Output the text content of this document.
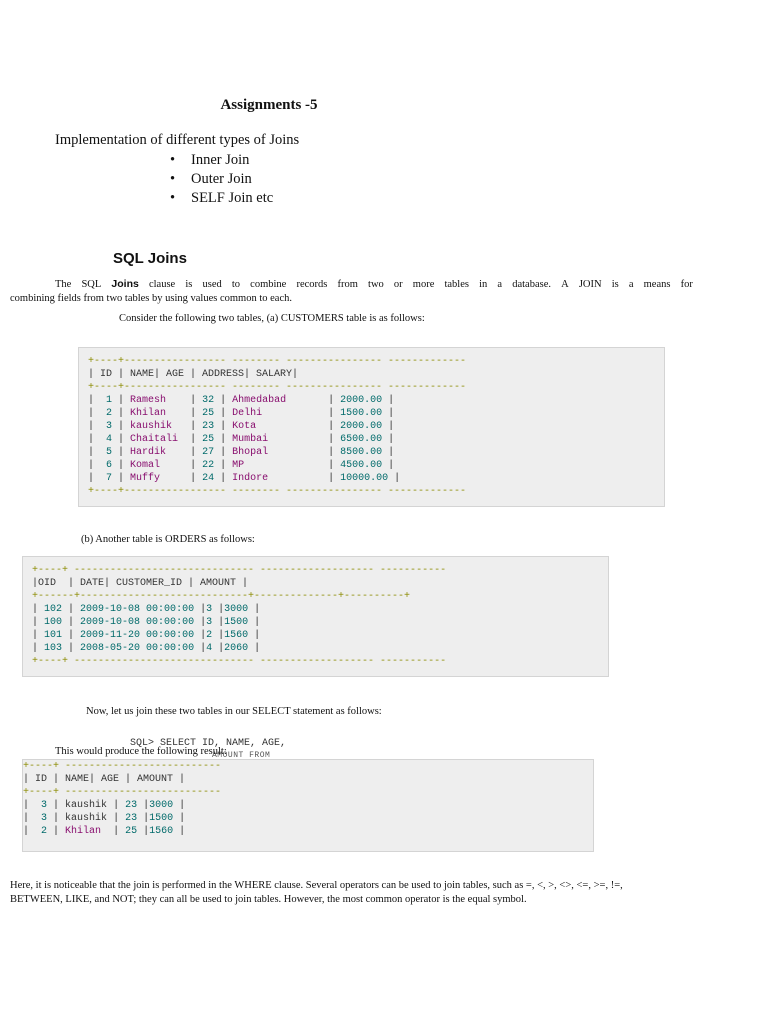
Assignments -5
Implementation of different types of Joins
• Inner Join
• Outer Join
• SELF Join etc
SQL Joins
The SQL Joins clause is used to combine records from two or more tables in a database. A JOIN is a means for
combining fields from two tables by using values common to each.
Consider the following two tables, (a) CUSTOMERS table is as follows:
+----+----------------- -------- ---------------- -------------
| ID | NAME| AGE | ADDRESS| SALARY|
+----+----------------- -------- ---------------- -------------
|  1 | Ramesh    | 32 | Ahmedabad       | 2000.00 |
|  2 | Khilan    | 25 | Delhi           | 1500.00 |
|  3 | kaushik   | 23 | Kota            | 2000.00 |
|  4 | Chaitali  | 25 | Mumbai          | 6500.00 |
|  5 | Hardik    | 27 | Bhopal          | 8500.00 |
|  6 | Komal     | 22 | MP              | 4500.00 |
|  7 | Muffy     | 24 | Indore          | 10000.00 |
+----+----------------- -------- ---------------- -------------
(b) Another table is ORDERS as follows:
+----+ ------------------------------ ------------------- -----------
|OID  | DATE| CUSTOMER_ID | AMOUNT |
+------+----------------------------+--------------+----------+
| 102 | 2009-10-08 00:00:00 |3 |3000 |
| 100 | 2009-10-08 00:00:00 |3 |1500 |
| 101 | 2009-11-20 00:00:00 |2 |1560 |
| 103 | 2008-05-20 00:00:00 |4 |2060 |
+----+ ------------------------------ ------------------- -----------
Now, let us join these two tables in our SELECT statement as follows:
+----+ --------------------------
| ID | NAME| AGE | AMOUNT |
+----+ --------------------------
|  3 | kaushik | 23 |3000 |
|  3 | kaushik | 23 |1500 |
|  2 | Khilan  | 25 |1560 |
SQL> SELECT ID, NAME, AGE,
AMOUNT FROM
This would produce the following result:
Here, it is noticeable that the join is performed in the WHERE clause. Several operators can be used to join tables, such as =, <, >, <>, <=, >=, !=,
BETWEEN, LIKE, and NOT; they can all be used to join tables. However, the most common operator is the equal symbol.
